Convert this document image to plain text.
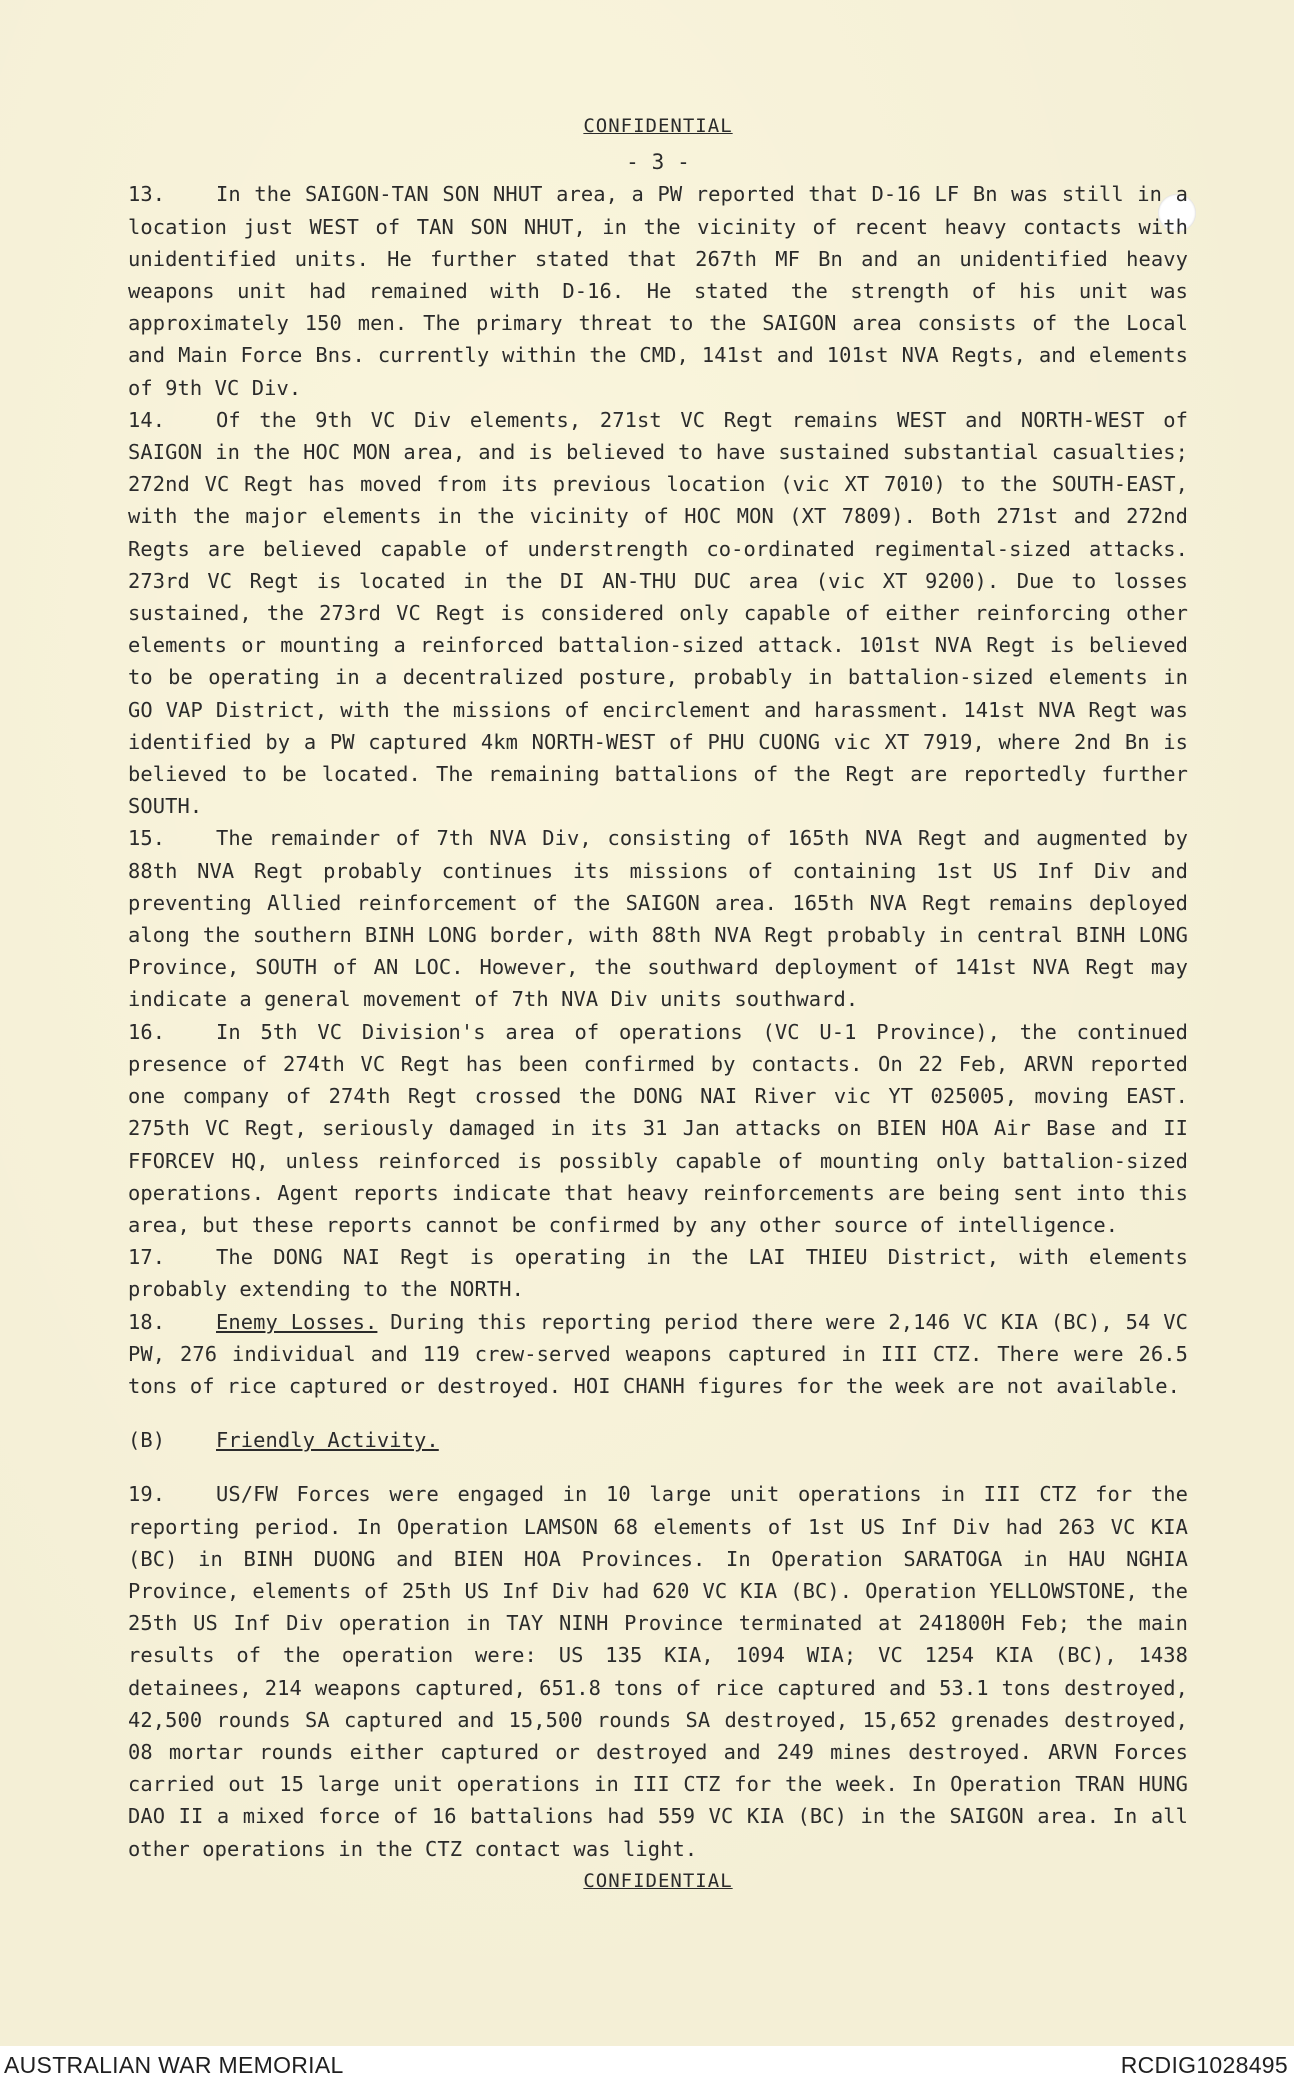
CONFIDENTIAL
- 3 -

13. In the SAIGON-TAN SON NHUT area, a PW reported that D-16 LF Bn was still in a location just WEST of TAN SON NHUT, in the vicinity of recent heavy contacts with unidentified units. He further stated that 267th MF Bn and an unidentified heavy weapons unit had remained with D-16. He stated the strength of his unit was approximately 150 men. The primary threat to the SAIGON area consists of the Local and Main Force Bns. currently within the CMD, 141st and 101st NVA Regts, and elements of 9th VC Div.

14. Of the 9th VC Div elements, 271st VC Regt remains WEST and NORTH-WEST of SAIGON in the HOC MON area, and is believed to have sustained substantial casualties; 272nd VC Regt has moved from its previous location (vic XT 7010) to the SOUTH-EAST, with the major elements in the vicinity of HOC MON (XT 7809). Both 271st and 272nd Regts are believed capable of understrength co-ordinated regimental-sized attacks. 273rd VC Regt is located in the DI AN-THU DUC area (vic XT 9200). Due to losses sustained, the 273rd VC Regt is considered only capable of either reinforcing other elements or mounting a reinforced battalion-sized attack. 101st NVA Regt is believed to be operating in a decentralized posture, probably in battalion-sized elements in GO VAP District, with the missions of encirclement and harassment. 141st NVA Regt was identified by a PW captured 4km NORTH-WEST of PHU CUONG vic XT 7919, where 2nd Bn is believed to be located. The remaining battalions of the Regt are reportedly further SOUTH.

15. The remainder of 7th NVA Div, consisting of 165th NVA Regt and augmented by 88th NVA Regt probably continues its missions of containing 1st US Inf Div and preventing Allied reinforcement of the SAIGON area. 165th NVA Regt remains deployed along the southern BINH LONG border, with 88th NVA Regt probably in central BINH LONG Province, SOUTH of AN LOC. However, the southward deployment of 141st NVA Regt may indicate a general movement of 7th NVA Div units southward.

16. In 5th VC Division's area of operations (VC U-1 Province), the continued presence of 274th VC Regt has been confirmed by contacts. On 22 Feb, ARVN reported one company of 274th Regt crossed the DONG NAI River vic YT 025005, moving EAST. 275th VC Regt, seriously damaged in its 31 Jan attacks on BIEN HOA Air Base and II FFORCEV HQ, unless reinforced is possibly capable of mounting only battalion-sized operations. Agent reports indicate that heavy reinforcements are being sent into this area, but these reports cannot be confirmed by any other source of intelligence.

17. The DONG NAI Regt is operating in the LAI THIEU District, with elements probably extending to the NORTH.

18. Enemy Losses. During this reporting period there were 2,146 VC KIA (BC), 54 VC PW, 276 individual and 119 crew-served weapons captured in III CTZ. There were 26.5 tons of rice captured or destroyed. HOI CHANH figures for the week are not available.

(B) Friendly Activity.

19. US/FW Forces were engaged in 10 large unit operations in III CTZ for the reporting period. In Operation LAMSON 68 elements of 1st US Inf Div had 263 VC KIA (BC) in BINH DUONG and BIEN HOA Provinces. In Operation SARATOGA in HAU NGHIA Province, elements of 25th US Inf Div had 620 VC KIA (BC). Operation YELLOWSTONE, the 25th US Inf Div operation in TAY NINH Province terminated at 241800H Feb; the main results of the operation were: US 135 KIA, 1094 WIA; VC 1254 KIA (BC), 1438 detainees, 214 weapons captured, 651.8 tons of rice captured and 53.1 tons destroyed, 42,500 rounds SA captured and 15,500 rounds SA destroyed, 15,652 grenades destroyed, 08 mortar rounds either captured or destroyed and 249 mines destroyed. ARVN Forces carried out 15 large unit operations in III CTZ for the week. In Operation TRAN HUNG DAO II a mixed force of 16 battalions had 559 VC KIA (BC) in the SAIGON area. In all other operations in the CTZ contact was light.

CONFIDENTIAL
AUSTRALIAN WAR MEMORIAL	RCDIG1028495
